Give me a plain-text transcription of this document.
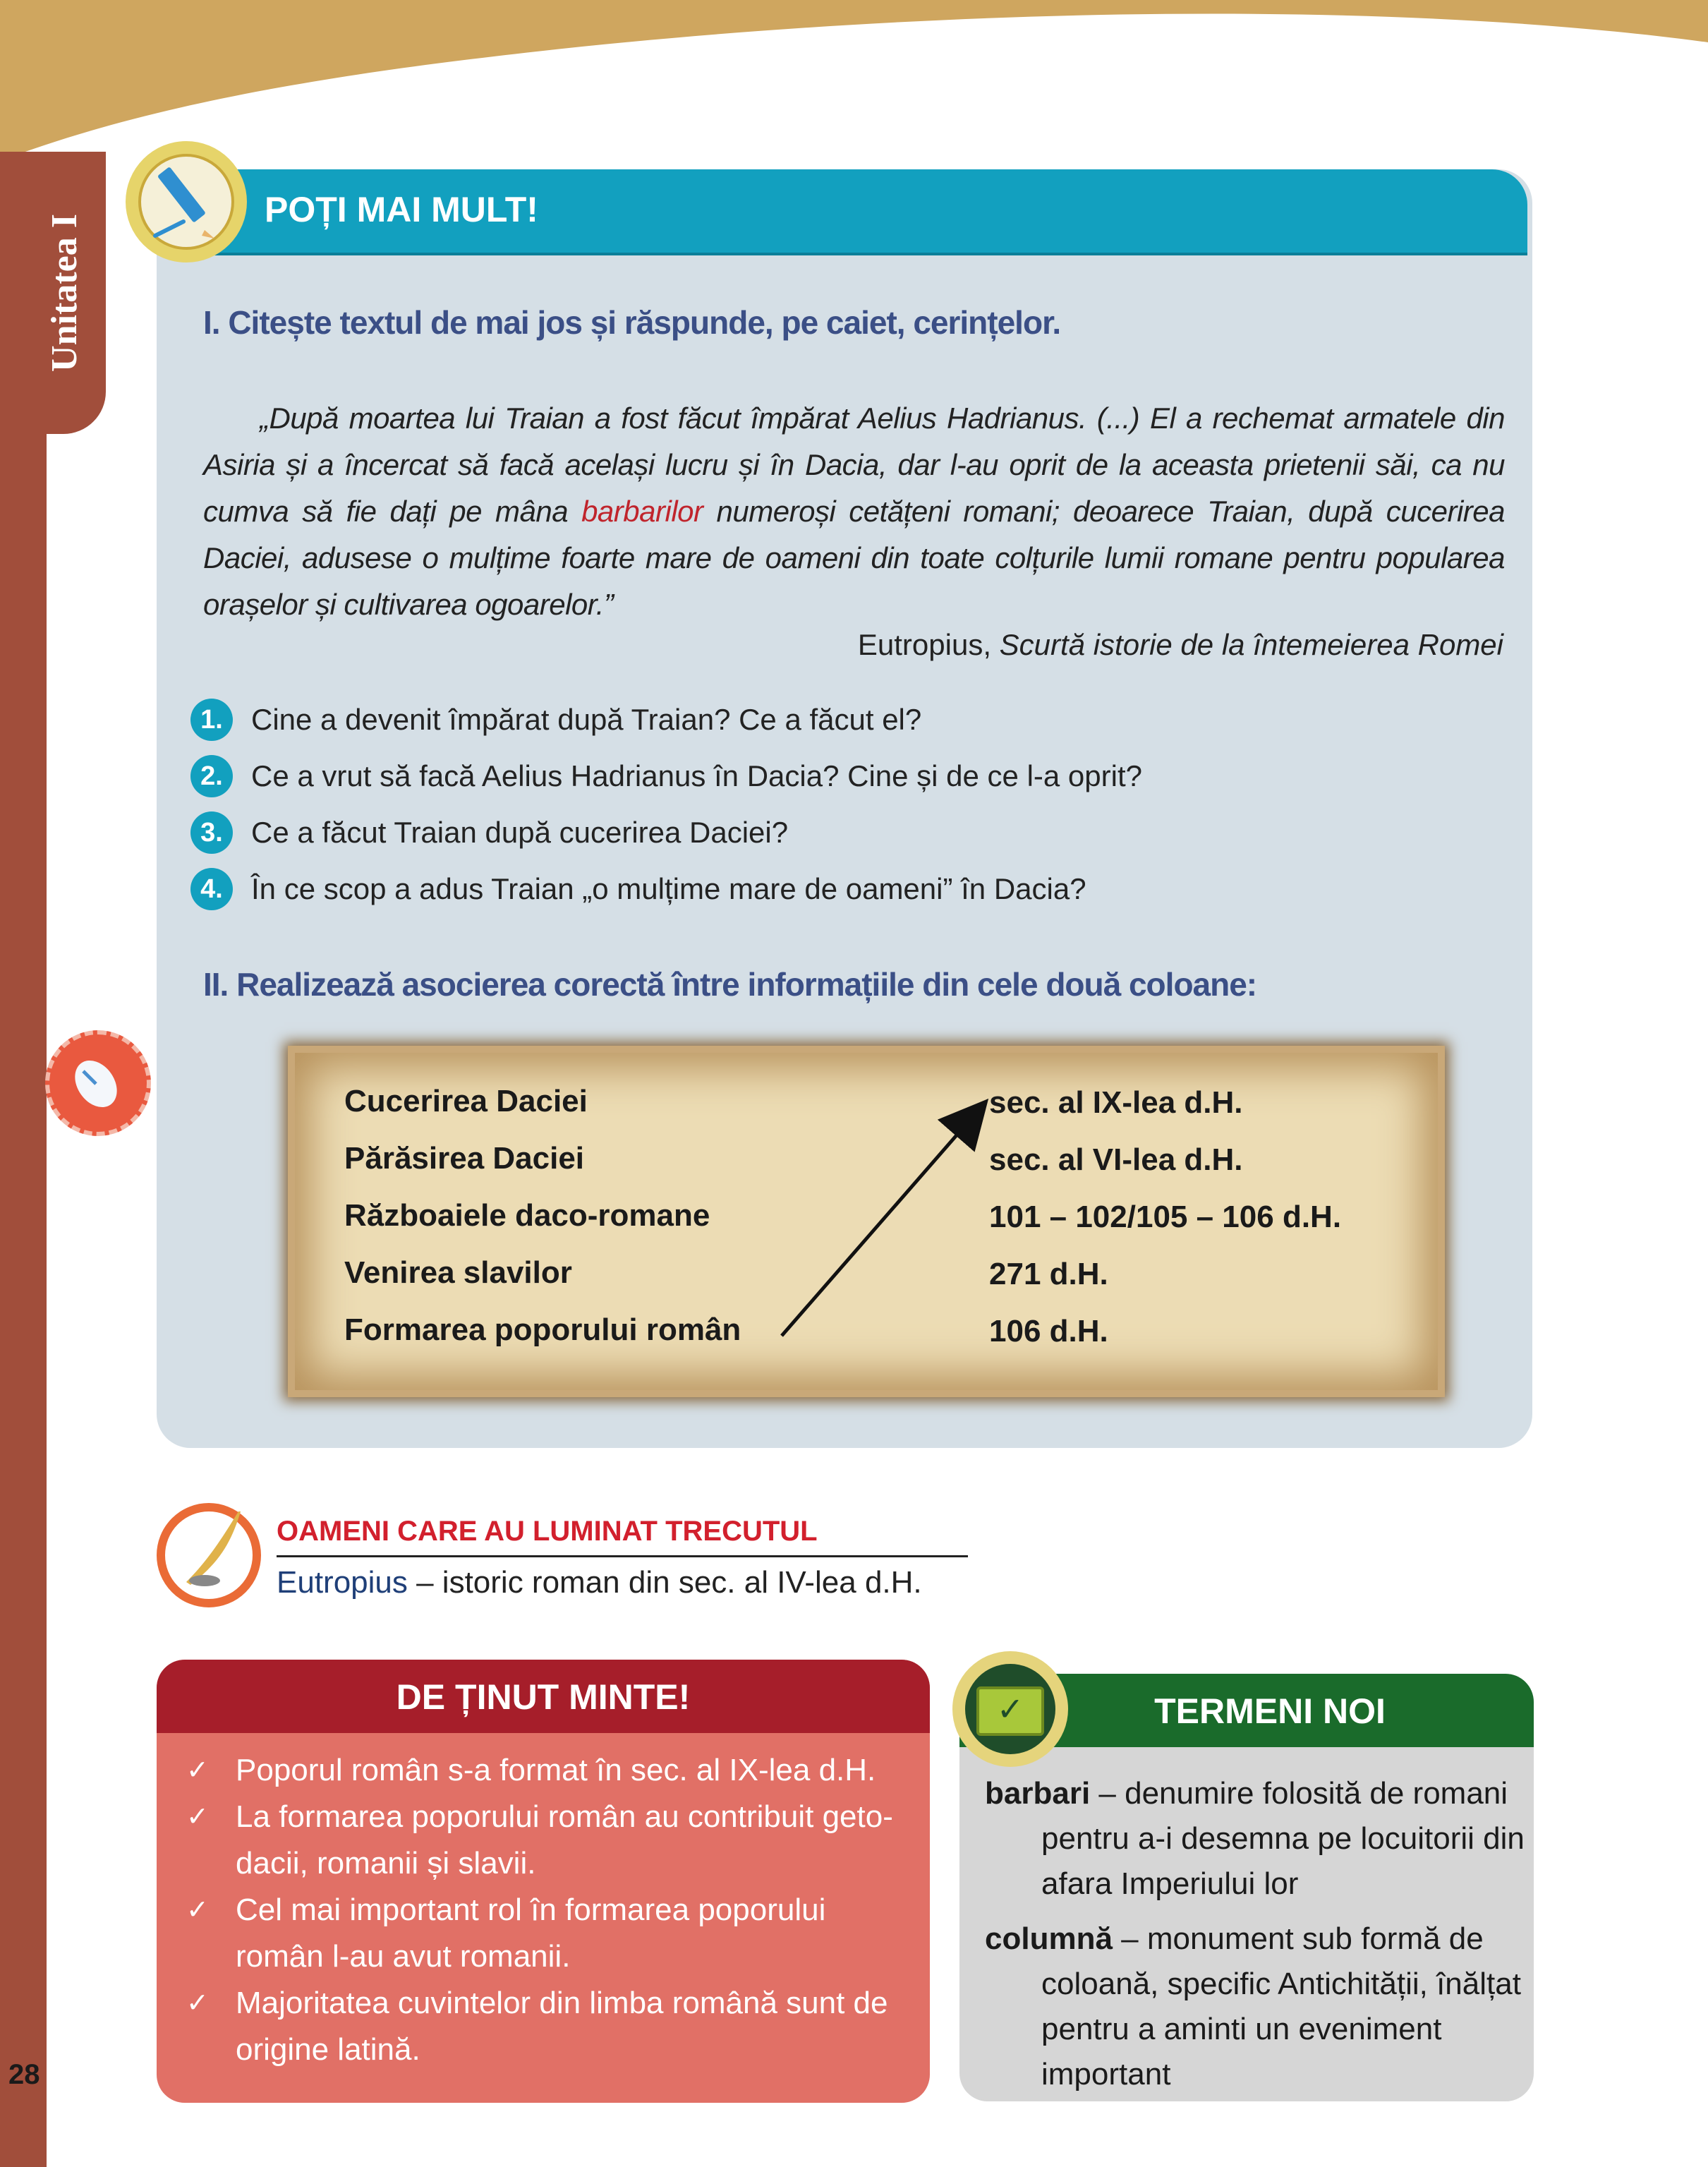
Unitatea I
28
POȚI MAI MULT!
I. Citește textul de mai jos și răspunde, pe caiet, cerințelor.
„După moartea lui Traian a fost făcut împărat Aelius Hadrianus. (...) El a rechemat armatele din Asiria și a încercat să facă același lucru și în Dacia, dar l-au oprit de la aceasta prietenii săi, ca nu cumva să fie dați pe mâna barbarilor numeroși cetățeni romani; deoarece Traian, după cucerirea Daciei, adusese o mulțime foarte mare de oameni din toate colțurile lumii romane pentru popularea orașelor și cultivarea ogoarelor.”
Eutropius, Scurtă istorie de la întemeierea Romei
1. Cine a devenit împărat după Traian? Ce a făcut el?
2. Ce a vrut să facă Aelius Hadrianus în Dacia? Cine și de ce l-a oprit?
3. Ce a făcut Traian după cucerirea Daciei?
4. În ce scop a adus Traian „o mulțime mare de oameni” în Dacia?
II. Realizează asocierea corectă între informațiile din cele două coloane:
Cucerirea Daciei
Părăsirea Daciei
Războaiele daco-romane
Venirea slavilor
Formarea poporului român
sec. al IX-lea d.H.
sec. al VI-lea d.H.
101 – 102/105 – 106 d.H.
271 d.H.
106 d.H.
OAMENI CARE AU LUMINAT TRECUTUL
Eutropius – istoric roman din sec. al IV-lea d.H.
DE ȚINUT MINTE!
✓ Poporul român s-a format în sec. al IX-lea d.H.
✓ La formarea poporului român au contribuit geto-dacii, romanii și slavii.
✓ Cel mai important rol în formarea poporului român l-au avut romanii.
✓ Majoritatea cuvintelor din limba română sunt de origine latină.
TERMENI NOI
✓
barbari – denumire folosită de romani pentru a-i desemna pe locuitorii din afara Imperiului lor
columnă – monument sub formă de coloană, specific Antichității, înălțat pentru a aminti un eveniment important
